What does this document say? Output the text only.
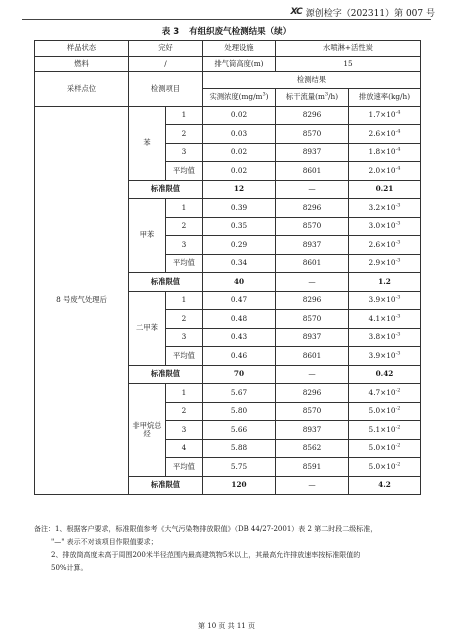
XC 源创检字（202311）第 007 号
表 3 有组织废气检测结果（续）
样品状态	完好		处理设施	水喷淋+活性炭	
燃料	/		排气筒高度(m)	15	
采样点位	检测项目		检测结果		
			实测浓度$(mg/m^3)$	标干流量$(m^3/h)$	排放速率(kg/h)
8 号废气处理后	苯	1	0.02	8296	$1.7\times 10^{-4}$
		2	0.03	8570	$2.6\times 10^{-4}$
		3	0.02	8937	$1.8\times 10^{-4}$
		平均值	0.02	8601	$2.0\times 10^{-4}$
	标准限值		12	—	0.21
	甲苯	1	0.39	8296	$3.2\times 10^{-3}$
		2	0.35	8570	$3.0\times 10^{-3}$
		3	0.29	8937	$2.6\times 10^{-3}$
		平均值	0.34	8601	$2.9\times 10^{-3}$
	标准限值		40	—	1.2
	二甲苯	1	0.47	8296	$3.9\times 10^{-3}$
		2	0.48	8570	$4.1\times 10^{-3}$
		3	0.43	8937	$3.8\times 10^{-3}$
		平均值	0.46	8601	$3.9\times 10^{-3}$
	标准限值		70	—	0.42
	非甲烷总烃	1	5.67	8296	$4.7\times 10^{-2}$
		2	5.80	8570	$5.0\times 10^{-2}$
		3	5.66	8937	$5.1\times 10^{-2}$
		4	5.88	8562	$5.0\times 10^{-2}$
		平均值	5.75	8591	$5.0\times 10^{-2}$
	标准限值		120	—	4.2
备注： 1、根据客户要求，标准限值参考《大气污染物排放限值》（DB 44/27-2001）表 2 第二时段二级标准，
"—" 表示不对该项目作限值要求；
2、排放筒高度未高于周围200米半径范围内最高建筑物5米以上，其最高允许排放速率按标准限值的
50%计算。
第 10 页 共 11 页
